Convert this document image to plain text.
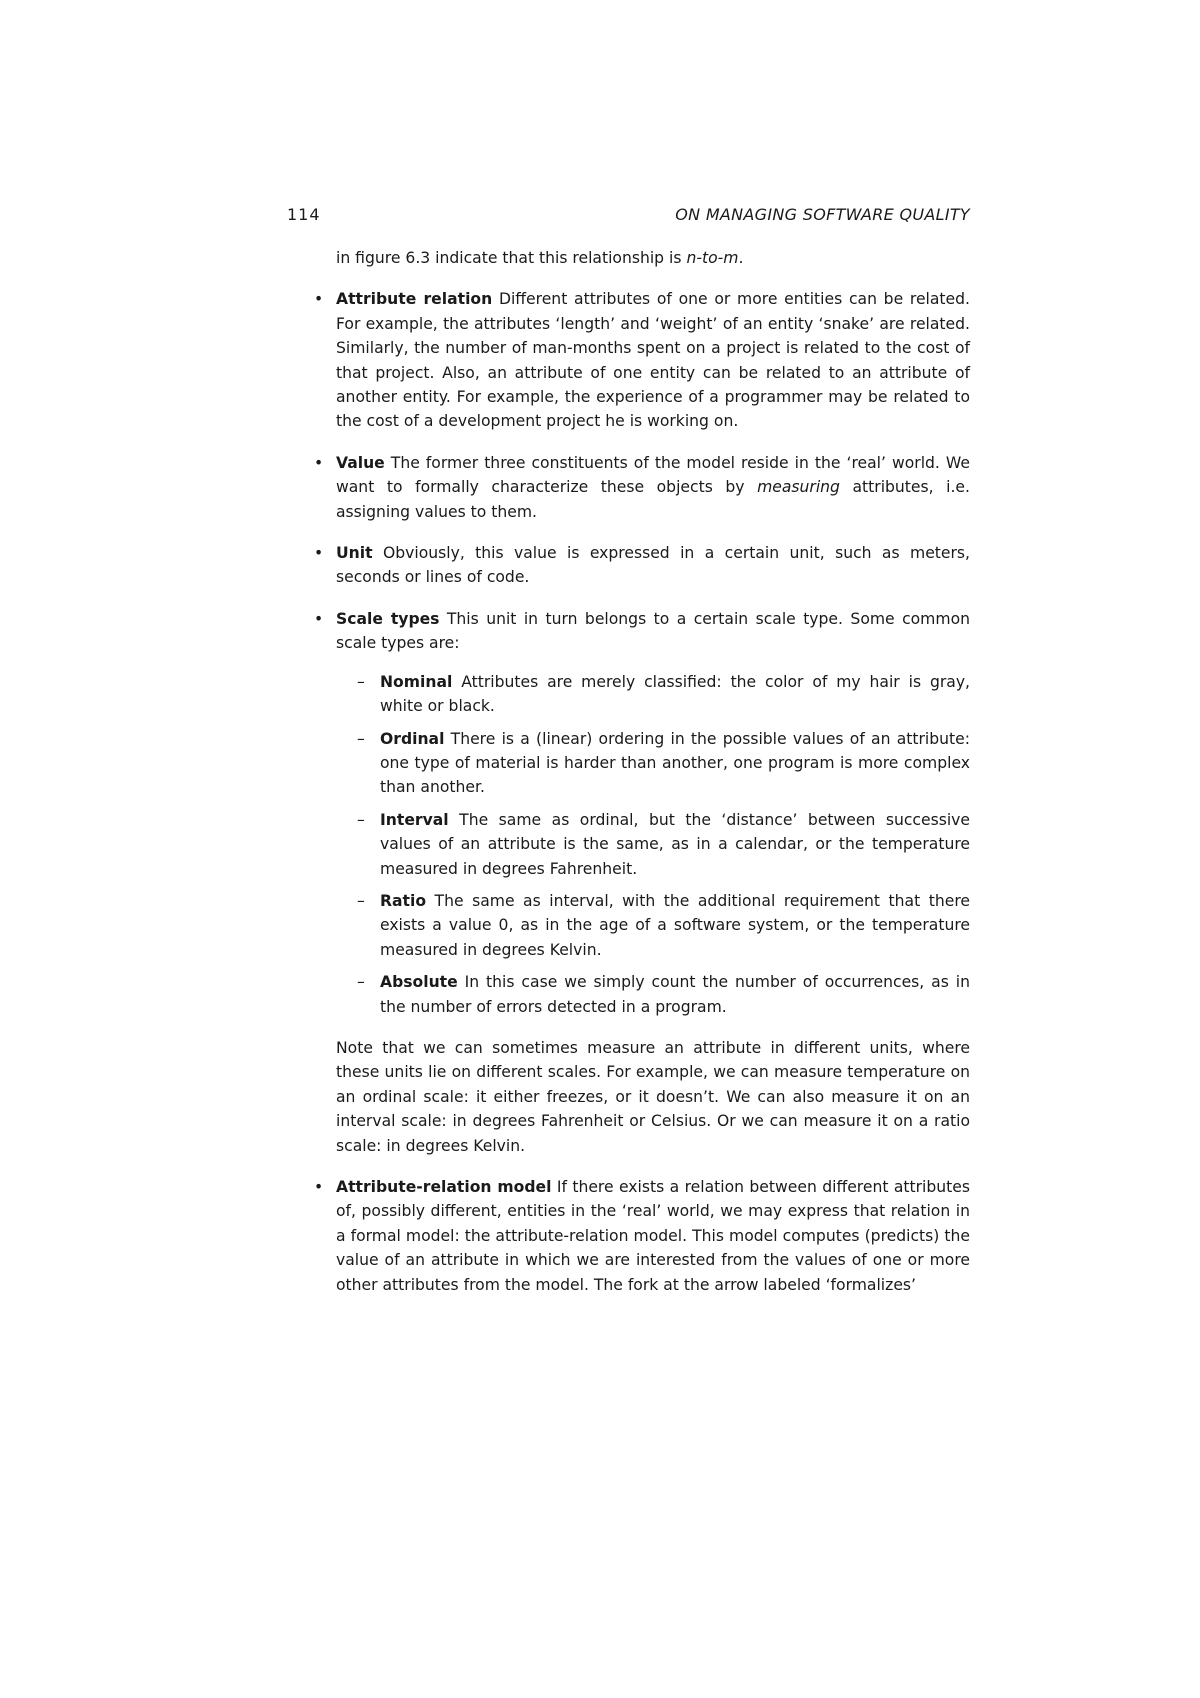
114	ON MANAGING SOFTWARE QUALITY

in figure 6.3 indicate that this relationship is n-to-m.

• Attribute relation Different attributes of one or more entities can be related. For example, the attributes ‘length’ and ‘weight’ of an entity ‘snake’ are related. Similarly, the number of man-months spent on a project is related to the cost of that project. Also, an attribute of one entity can be related to an attribute of another entity. For example, the experience of a programmer may be related to the cost of a development project he is working on.

• Value The former three constituents of the model reside in the ‘real’ world. We want to formally characterize these objects by measuring attributes, i.e. assigning values to them.

• Unit Obviously, this value is expressed in a certain unit, such as meters, seconds or lines of code.

• Scale types This unit in turn belongs to a certain scale type. Some common scale types are:

– Nominal Attributes are merely classified: the color of my hair is gray, white or black.

– Ordinal There is a (linear) ordering in the possible values of an attribute: one type of material is harder than another, one program is more complex than another.

– Interval The same as ordinal, but the ‘distance’ between successive values of an attribute is the same, as in a calendar, or the temperature measured in degrees Fahrenheit.

– Ratio The same as interval, with the additional requirement that there exists a value 0, as in the age of a software system, or the temperature measured in degrees Kelvin.

– Absolute In this case we simply count the number of occurrences, as in the number of errors detected in a program.

Note that we can sometimes measure an attribute in different units, where these units lie on different scales. For example, we can measure temperature on an ordinal scale: it either freezes, or it doesn’t. We can also measure it on an interval scale: in degrees Fahrenheit or Celsius. Or we can measure it on a ratio scale: in degrees Kelvin.

• Attribute-relation model If there exists a relation between different attributes of, possibly different, entities in the ‘real’ world, we may express that relation in a formal model: the attribute-relation model. This model computes (predicts) the value of an attribute in which we are interested from the values of one or more other attributes from the model. The fork at the arrow labeled ‘formalizes’
